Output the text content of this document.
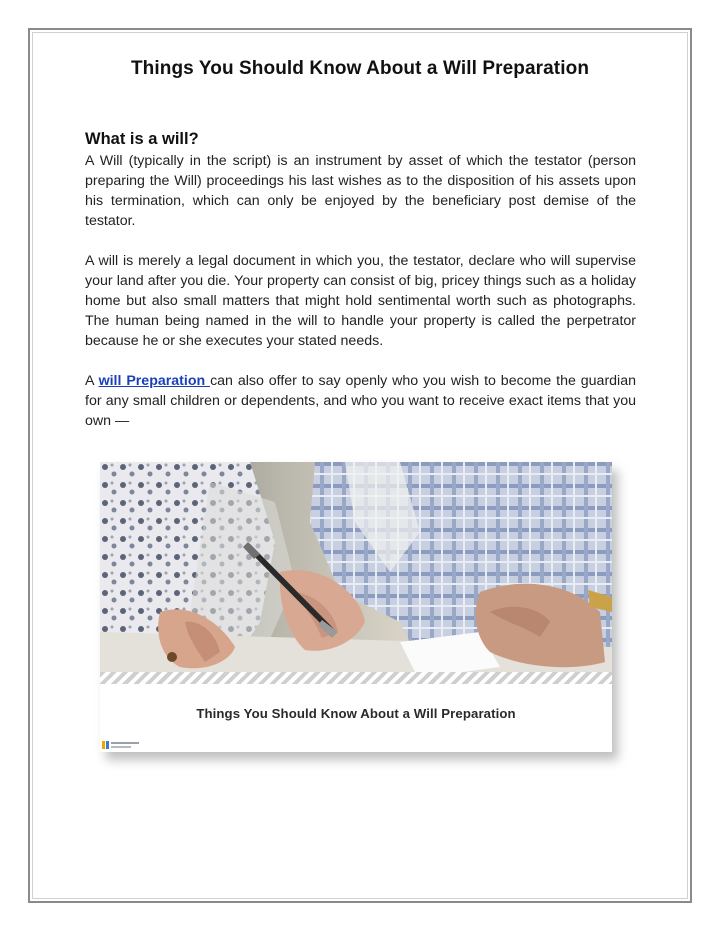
Things You Should Know About a Will Preparation
What is a will?

A Will (typically in the script) is an instrument by asset of which the testator (person preparing the Will) proceedings his last wishes as to the disposition of his assets upon his termination, which can only be enjoyed by the beneficiary post demise of the testator.

A will is merely a legal document in which you, the testator, declare who will supervise your land after you die. Your property can consist of big, pricey things such as a holiday home but also small matters that might hold sentimental worth such as photographs. The human being named in the will to handle your property is called the perpetrator because he or she executes your stated needs.

A will Preparation can also offer to say openly who you wish to become the guardian for any small children or dependents, and who you want to receive exact items that you own —

Things You Should Know About a Will Preparation
